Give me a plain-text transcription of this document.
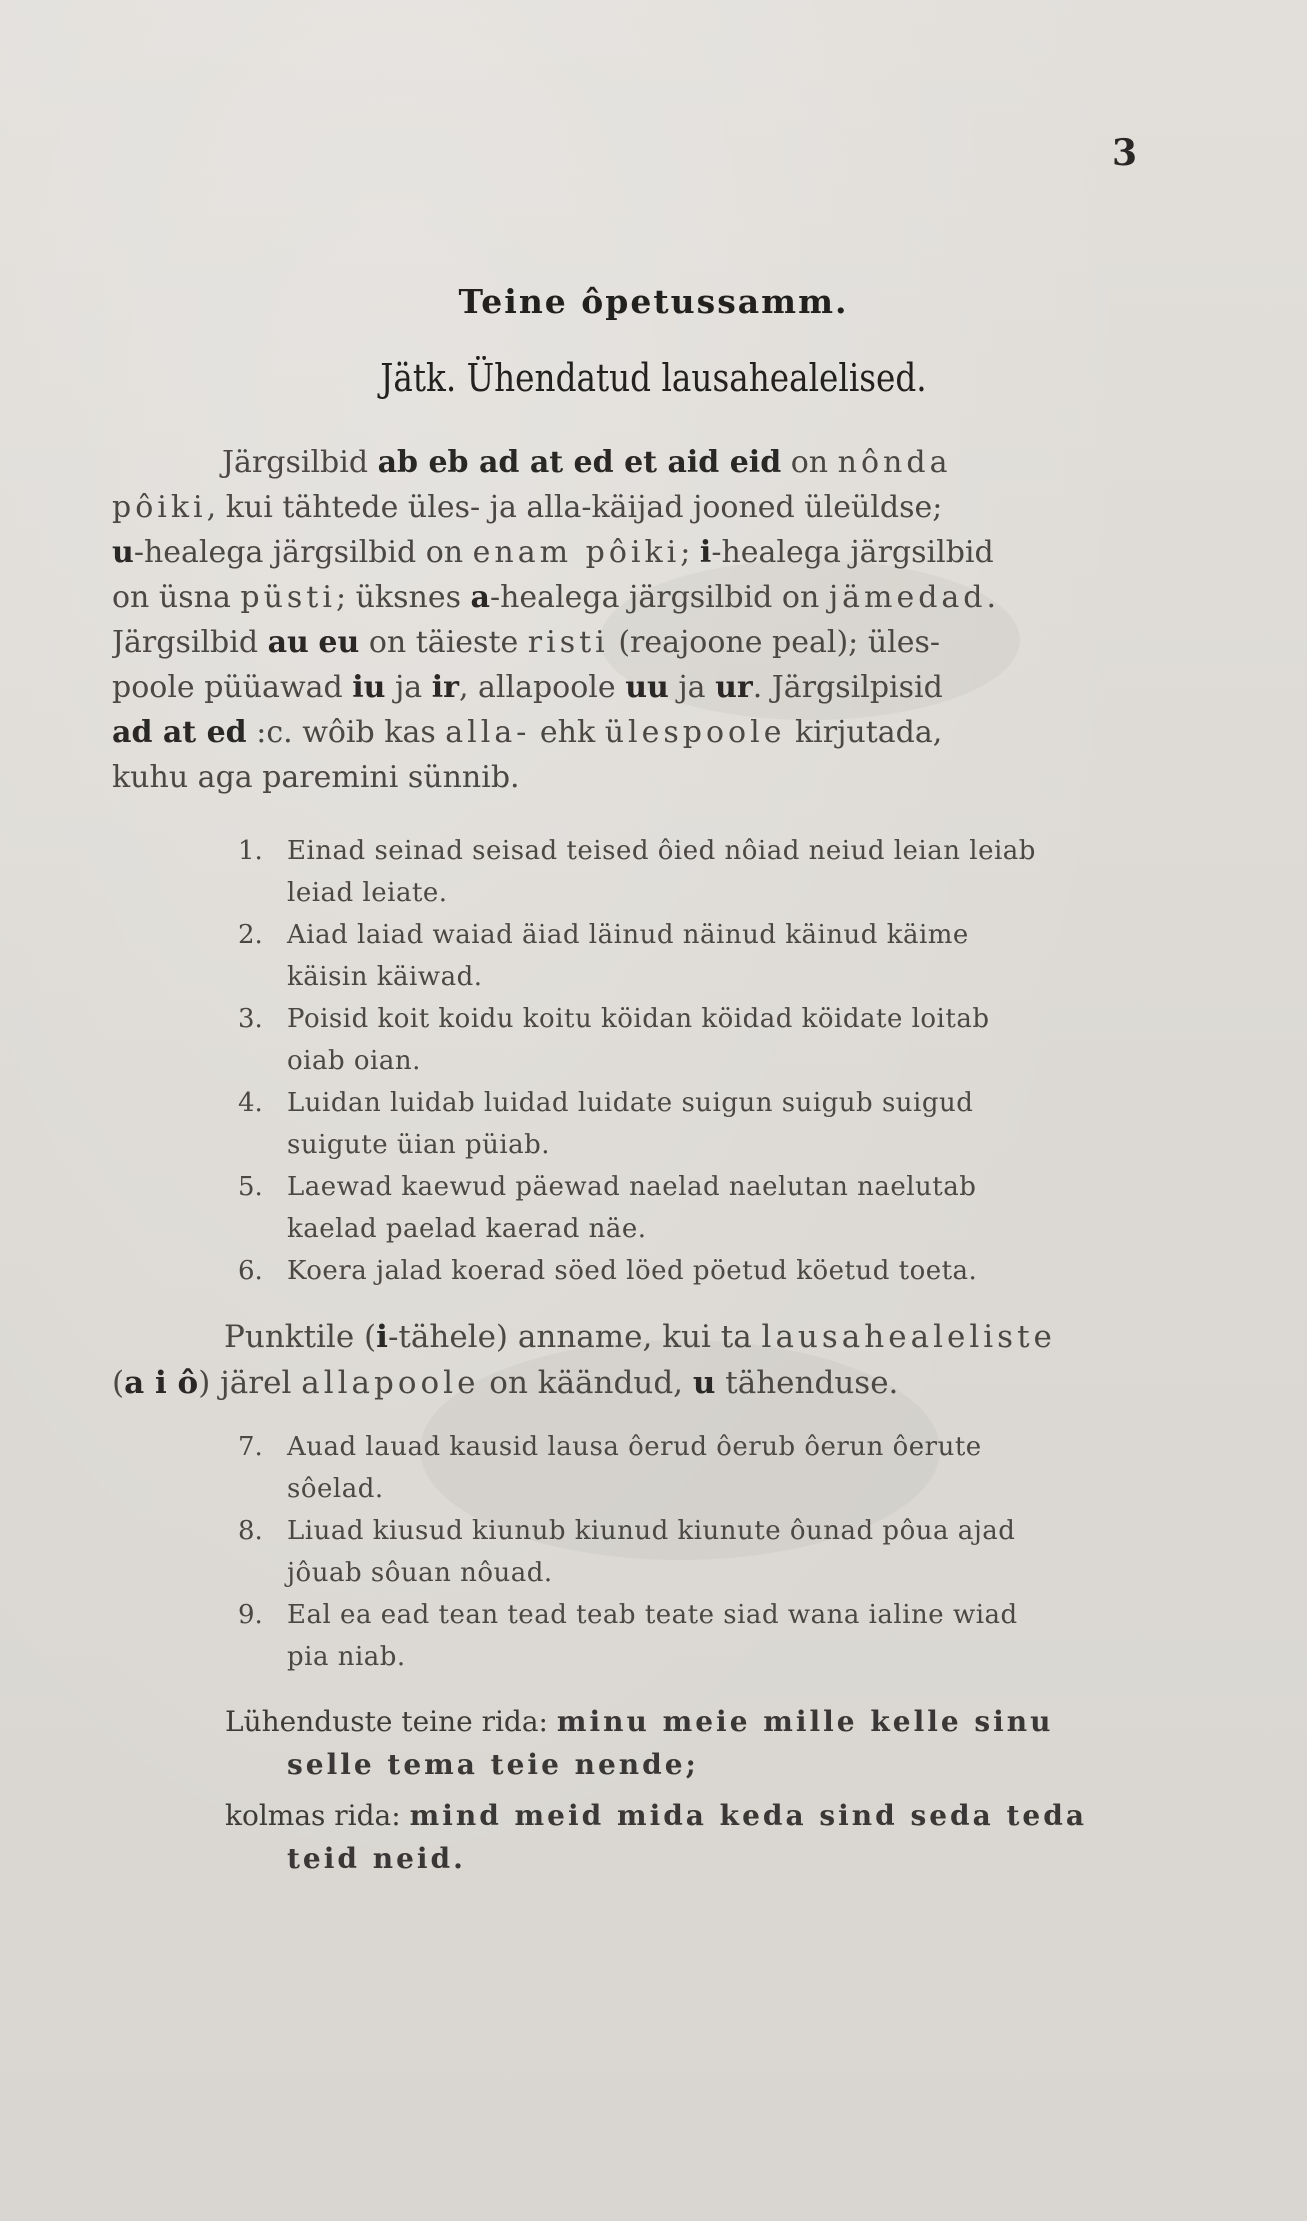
3
Teine ôpetussamm.
Jätk. Ühendatud lausahealelised.
Järgsilbid ab eb ad at ed et aid eid on nônda
pôiki, kui tähtede üles- ja alla-käijad jooned üleüldse;
u-healega järgsilbid on enam pôiki; i-healega järgsilbid
on üsna püsti; üksnes a-healega järgsilbid on jämedad.
Järgsilbid au eu on täieste risti (reajoone peal); üles-
poole püüawad iu ja ir, allapoole uu ja ur. Järgsilpisid
ad at ed :c. wôib kas alla- ehk ülespoole kirjutada,
kuhu aga paremini sünnib.
1. Einad seinad seisad teised ôied nôiad neiud leian leiab
leiad leiate.
2. Aiad laiad waiad äiad läinud näinud käinud käime
käisin käiwad.
3. Poisid koit koidu koitu köidan köidad köidate loitab
oiab oian.
4. Luidan luidab luidad luidate suigun suigub suigud
suigute üian püiab.
5. Laewad kaewud päewad naelad naelutan naelutab
kaelad paelad kaerad näe.
6. Koera jalad koerad söed löed pöetud köetud toeta.
Punktile (i-tähele) anname, kui ta lausahealeliste
(a i ô) järel allapoole on käändud, u tähenduse.
7. Auad lauad kausid lausa ôerud ôerub ôerun ôerute
sôelad.
8. Liuad kiusud kiunub kiunud kiunute ôunad pôua ajad
jôuab sôuan nôuad.
9. Eal ea ead tean tead teab teate siad wana ialine wiad
pia niab.
Lühenduste teine rida: minu meie mille kelle sinu
selle tema teie nende;
kolmas rida: mind meid mida keda sind seda teda
teid neid.
